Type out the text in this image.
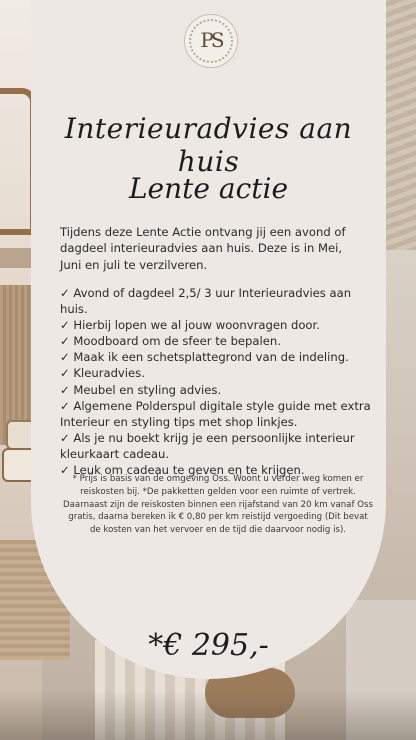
PS
Interieuradvies aan huis
Lente actie
Tijdens deze Lente Actie ontvang jij een avond of dagdeel interieuradvies aan huis. Deze is in Mei, Juni en juli te verzilveren.
✓ Avond of dagdeel 2,5/ 3 uur Interieuradvies aan huis.
✓ Hierbij lopen we al jouw woonvragen door.
✓ Moodboard om de sfeer te bepalen.
✓ Maak ik een schetsplattegrond van de indeling.
✓ Kleuradvies.
✓ Meubel en styling advies.
✓ Algemene Polderspul digitale style guide met extra Interieur en styling tips met shop linkjes.
✓ Als je nu boekt krijg je een persoonlijke interieur kleurkaart cadeau.
✓ Leuk om cadeau te geven en te krijgen.
* Prijs is basis van de omgeving Oss. Woont u verder weg komen er reiskosten bij. *De pakketten gelden voor een ruimte of vertrek. Daarnaast zijn de reiskosten binnen een rijafstand van 20 km vanaf Oss gratis, daarna bereken ik € 0,80 per km reistijd vergoeding (Dit bevat de kosten van het vervoer en de tijd die daarvoor nodig is).
*€ 295,-
